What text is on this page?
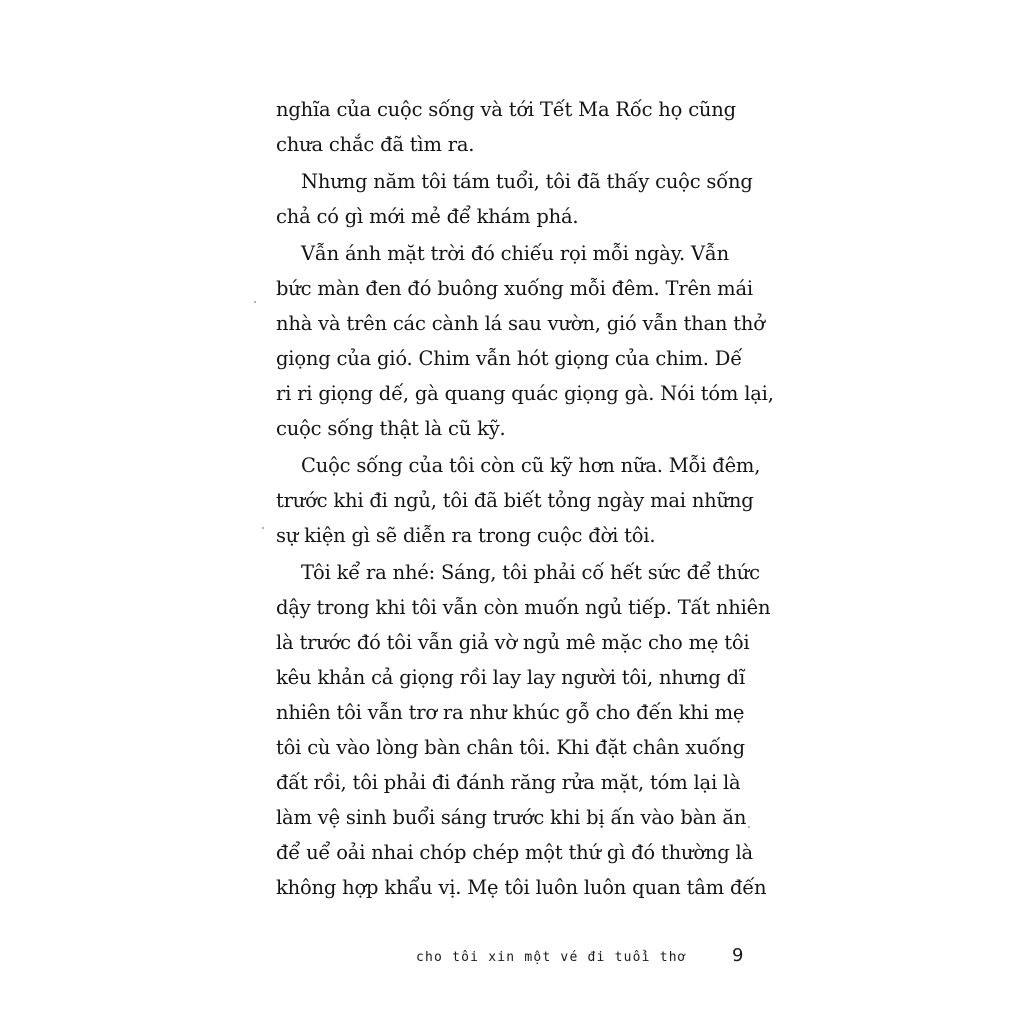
nghĩa của cuộc sống và tới Tết Ma Rốc họ cũng
chưa chắc đã tìm ra.
Nhưng năm tôi tám tuổi, tôi đã thấy cuộc sống
chả có gì mới mẻ để khám phá.
Vẫn ánh mặt trời đó chiếu rọi mỗi ngày. Vẫn
bức màn đen đó buông xuống mỗi đêm. Trên mái
nhà và trên các cành lá sau vườn, gió vẫn than thở
giọng của gió. Chim vẫn hót giọng của chim. Dế
ri ri giọng dế, gà quang quác giọng gà. Nói tóm lại,
cuộc sống thật là cũ kỹ.
Cuộc sống của tôi còn cũ kỹ hơn nữa. Mỗi đêm,
trước khi đi ngủ, tôi đã biết tỏng ngày mai những
sự kiện gì sẽ diễn ra trong cuộc đời tôi.
Tôi kể ra nhé: Sáng, tôi phải cố hết sức để thức
dậy trong khi tôi vẫn còn muốn ngủ tiếp. Tất nhiên
là trước đó tôi vẫn giả vờ ngủ mê mặc cho mẹ tôi
kêu khản cả giọng rồi lay lay người tôi, nhưng dĩ
nhiên tôi vẫn trơ ra như khúc gỗ cho đến khi mẹ
tôi cù vào lòng bàn chân tôi. Khi đặt chân xuống
đất rồi, tôi phải đi đánh răng rửa mặt, tóm lại là
làm vệ sinh buổi sáng trước khi bị ấn vào bàn ăn
để uể oải nhai chóp chép một thứ gì đó thường là
không hợp khẩu vị. Mẹ tôi luôn luôn quan tâm đến
cho tôi xin một vé đi tuổi thơ	9
